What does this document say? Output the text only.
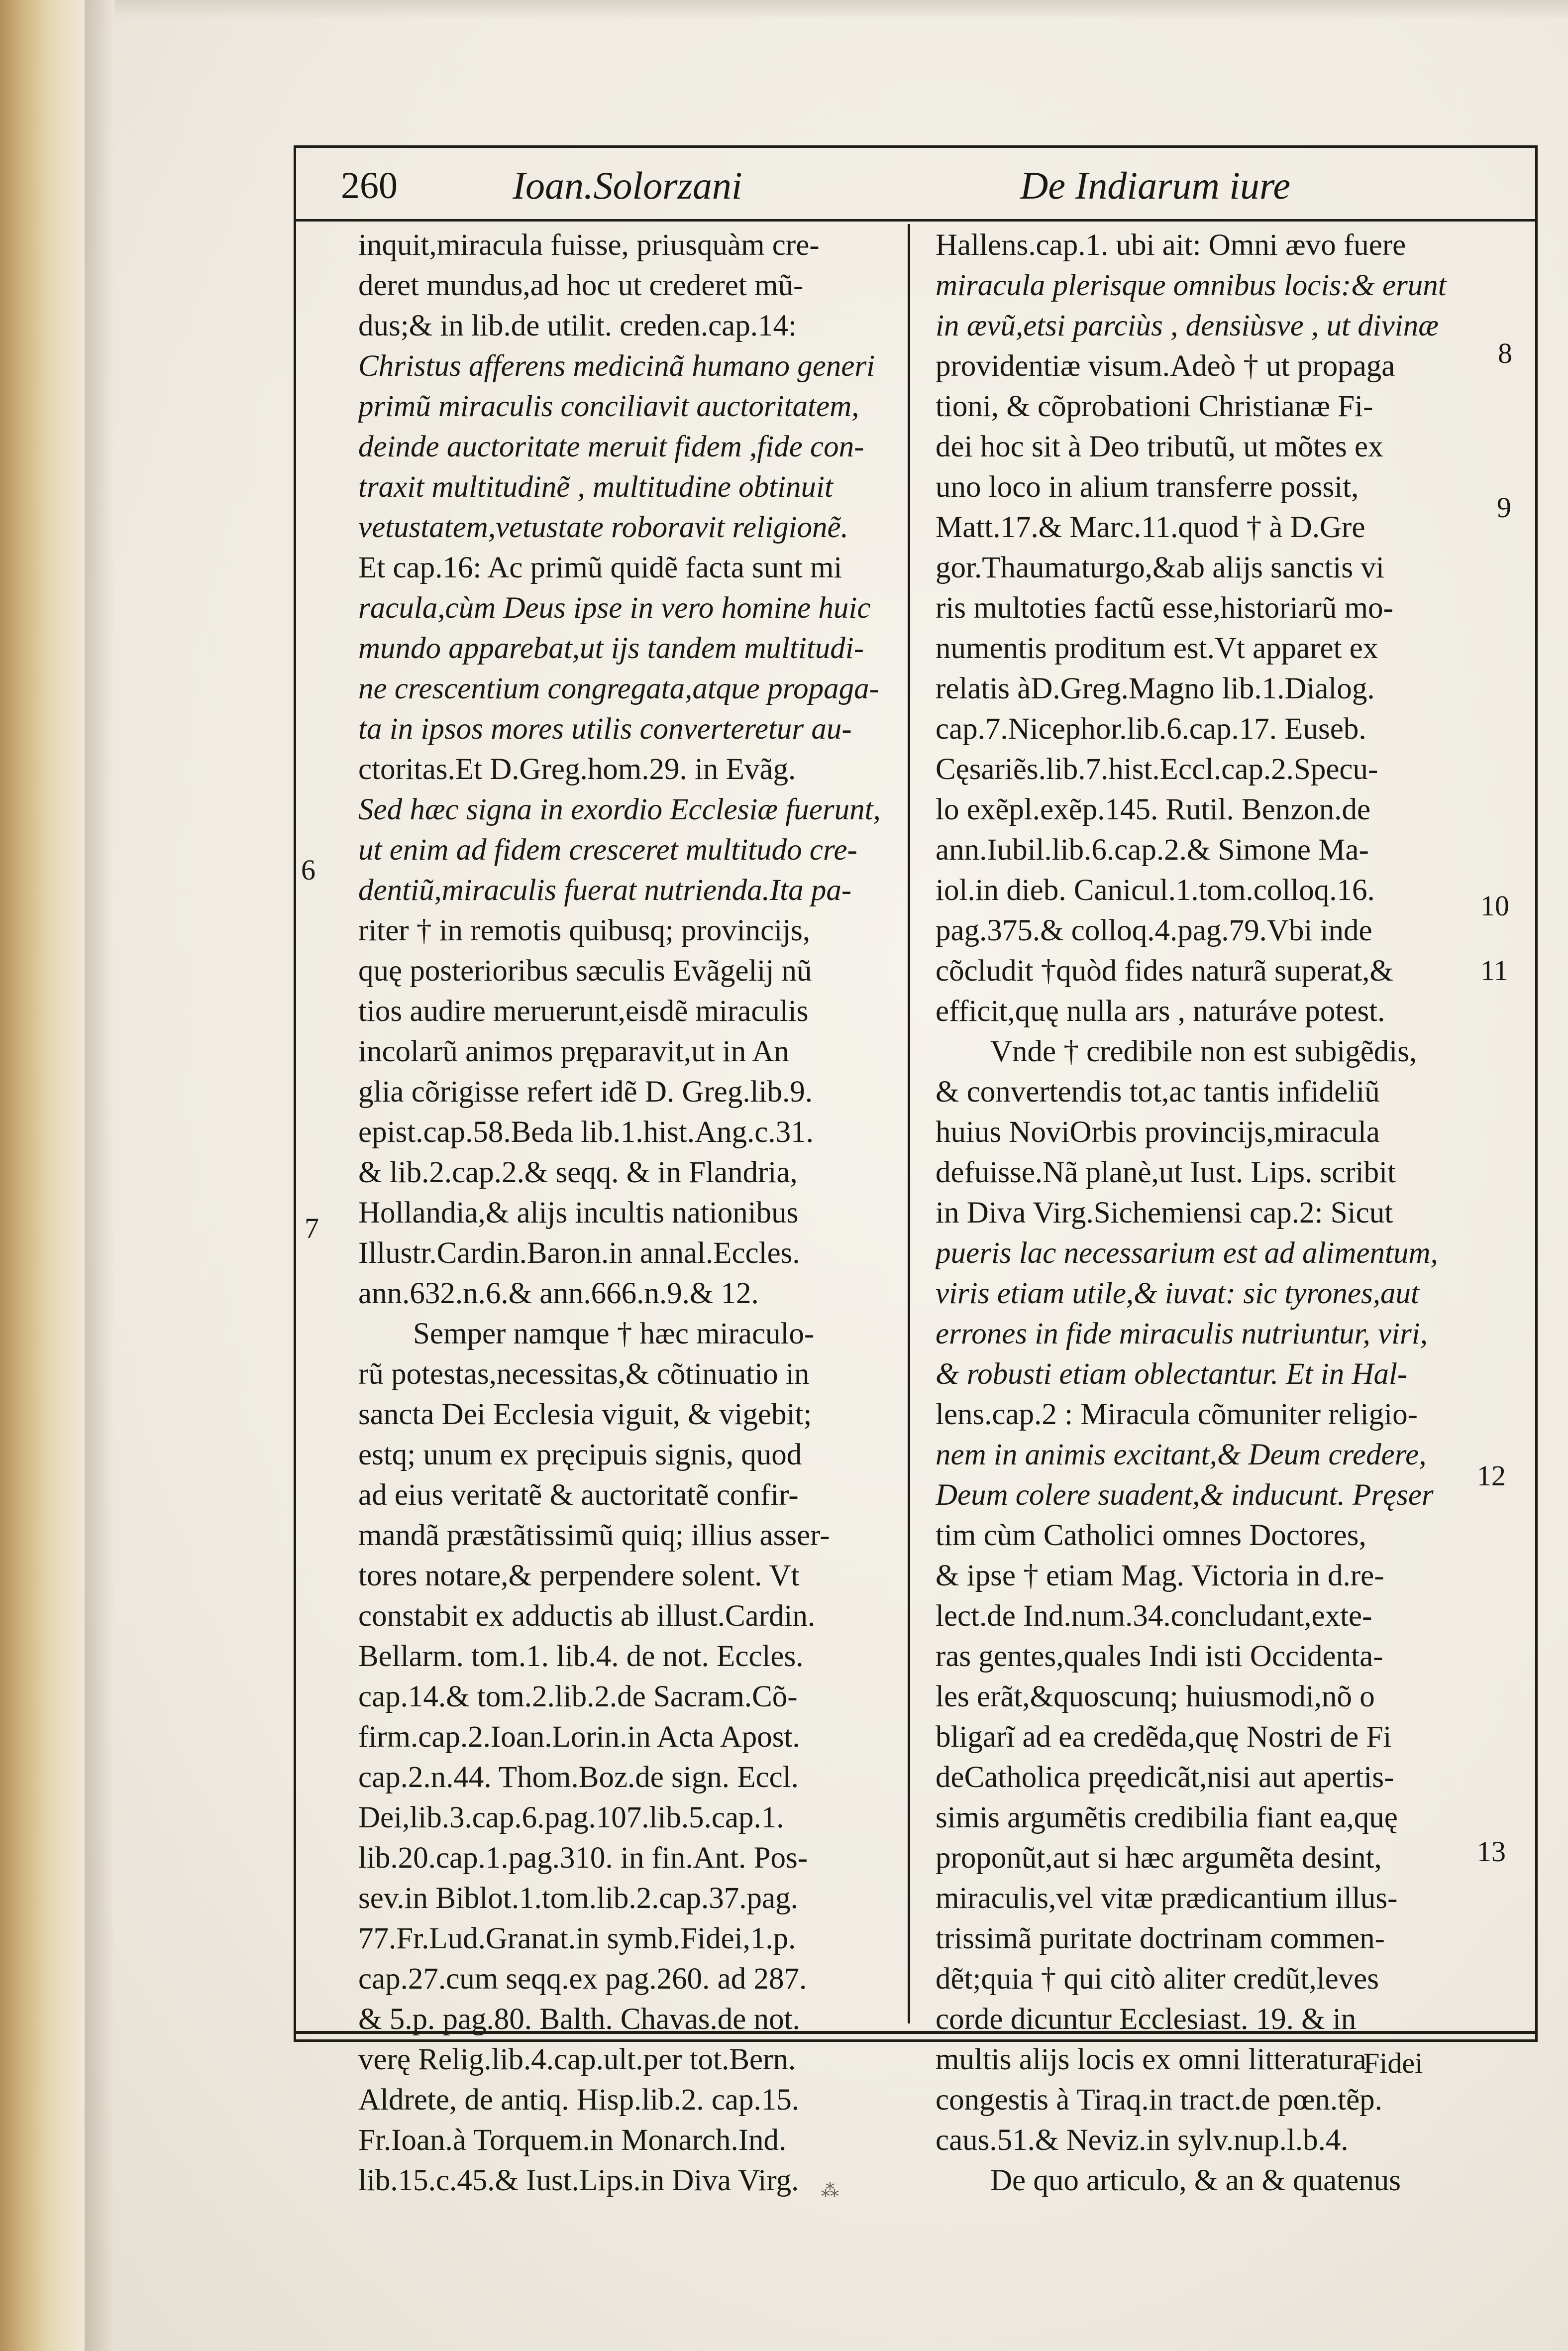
260	Ioan.Solorzani	De Indiarum iure
inquit,miracula fuisse, priusquàm cre-
deret mundus,ad hoc ut crederet mũ-
dus;& in lib.de utilit. creden.cap.14:
Christus afferens medicinã humano generi
primũ miraculis conciliavit auctoritatem,
deinde auctoritate meruit fidem ,fide con-
traxit multitudinẽ , multitudine obtinuit
vetustatem,vetustate roboravit religionẽ.
Et cap.16: Ac primũ quidẽ facta sunt mi
racula,cùm Deus ipse in vero homine huic
mundo apparebat,ut ijs tandem multitudi-
ne crescentium congregata,atque propaga-
ta in ipsos mores utilis converteretur au-
ctoritas.Et D.Greg.hom.29. in Evãg.
Sed hæc signa in exordio Ecclesiæ fuerunt,
ut enim ad fidem cresceret multitudo cre-
dentiũ,miraculis fuerat nutrienda.Ita pa-
riter † in remotis quibusq; provincijs,
quę posterioribus sæculis Evãgelij nũ
tios audire meruerunt,eisdẽ miraculis
incolarũ animos pręparavit,ut in An
glia cõrigisse refert idẽ D. Greg.lib.9.
epist.cap.58.Beda lib.1.hist.Ang.c.31.
& lib.2.cap.2.& seqq. & in Flandria,
Hollandia,& alijs incultis nationibus
Illustr.Cardin.Baron.in annal.Eccles.
ann.632.n.6.& ann.666.n.9.& 12.
Semper namque † hæc miraculo-
rũ potestas,necessitas,& cõtinuatio in
sancta Dei Ecclesia viguit, & vigebit;
estq; unum ex pręcipuis signis, quod
ad eius veritatẽ & auctoritatẽ confir-
mandã præstãtissimũ quiq; illius asser-
tores notare,& perpendere solent. Vt
constabit ex adductis ab illust.Cardin.
Bellarm. tom.1. lib.4. de not. Eccles.
cap.14.& tom.2.lib.2.de Sacram.Cõ-
firm.cap.2.Ioan.Lorin.in Acta Apost.
cap.2.n.44. Thom.Boz.de sign. Eccl.
Dei,lib.3.cap.6.pag.107.lib.5.cap.1.
lib.20.cap.1.pag.310. in fin.Ant. Pos-
sev.in Biblot.1.tom.lib.2.cap.37.pag.
77.Fr.Lud.Granat.in symb.Fidei,1.p.
cap.27.cum seqq.ex pag.260. ad 287.
& 5.p. pag.80. Balth. Chavas.de not.
verę Relig.lib.4.cap.ult.per tot.Bern.
Aldrete, de antiq. Hisp.lib.2. cap.15.
Fr.Ioan.à Torquem.in Monarch.Ind.
lib.15.c.45.& Iust.Lips.in Diva Virg.
Hallens.cap.1. ubi ait: Omni ævo fuere
miracula plerisque omnibus locis:& erunt
in ævũ,etsi parciùs , densiùsve , ut divinæ
providentiæ visum.Adeò † ut propaga
tioni, & cõprobationi Christianæ Fi-
dei hoc sit à Deo tributũ, ut mõtes ex
uno loco in alium transferre possit,
Matt.17.& Marc.11.quod † à D.Gre
gor.Thaumaturgo,&ab alijs sanctis vi
ris multoties factũ esse,historiarũ mo-
numentis proditum est.Vt apparet ex
relatis àD.Greg.Magno lib.1.Dialog.
cap.7.Nicephor.lib.6.cap.17. Euseb.
Cęsariẽs.lib.7.hist.Eccl.cap.2.Specu-
lo exẽpl.exẽp.145. Rutil. Benzon.de
ann.Iubil.lib.6.cap.2.& Simone Ma-
iol.in dieb. Canicul.1.tom.colloq.16.
pag.375.& colloq.4.pag.79.Vbi inde
cõcludit †quòd fides naturã superat,&
efficit,quę nulla ars , naturáve potest.
Vnde † credibile non est subigẽdis,
& convertendis tot,ac tantis infideliũ
huius NoviOrbis provincijs,miracula
defuisse.Nã planè,ut Iust. Lips. scribit
in Diva Virg.Sichemiensi cap.2: Sicut
pueris lac necessarium est ad alimentum,
viris etiam utile,& iuvat: sic tyrones,aut
errones in fide miraculis nutriuntur, viri,
& robusti etiam oblectantur. Et in Hal-
lens.cap.2 : Miracula cõmuniter religio-
nem in animis excitant,& Deum credere,
Deum colere suadent,& inducunt. Pręser
tim cùm Catholici omnes Doctores,
& ipse † etiam Mag. Victoria in d.re-
lect.de Ind.num.34.concludant,exte-
ras gentes,quales Indi isti Occidenta-
les erãt,&quoscunq; huiusmodi,nõ o
bligarĩ ad ea credẽda,quę Nostri de Fi
deCatholica pręedicãt,nisi aut apertis-
simis argumẽtis credibilia fiant ea,quę
proponũt,aut si hæc argumẽta desint,
miraculis,vel vitæ prædicantium illus-
trissimã puritate doctrinam commen-
dẽt;quia † qui citò aliter credũt,leves
corde dicuntur Ecclesiast. 19. & in
multis alijs locis ex omni litteratura
congestis à Tiraq.in tract.de pœn.tẽp.
caus.51.& Neviz.in sylv.nup.l.b.4.
De quo articulo, & an & quatenus
6
7
8
9
10
11
12
13
Fidei
⁂
